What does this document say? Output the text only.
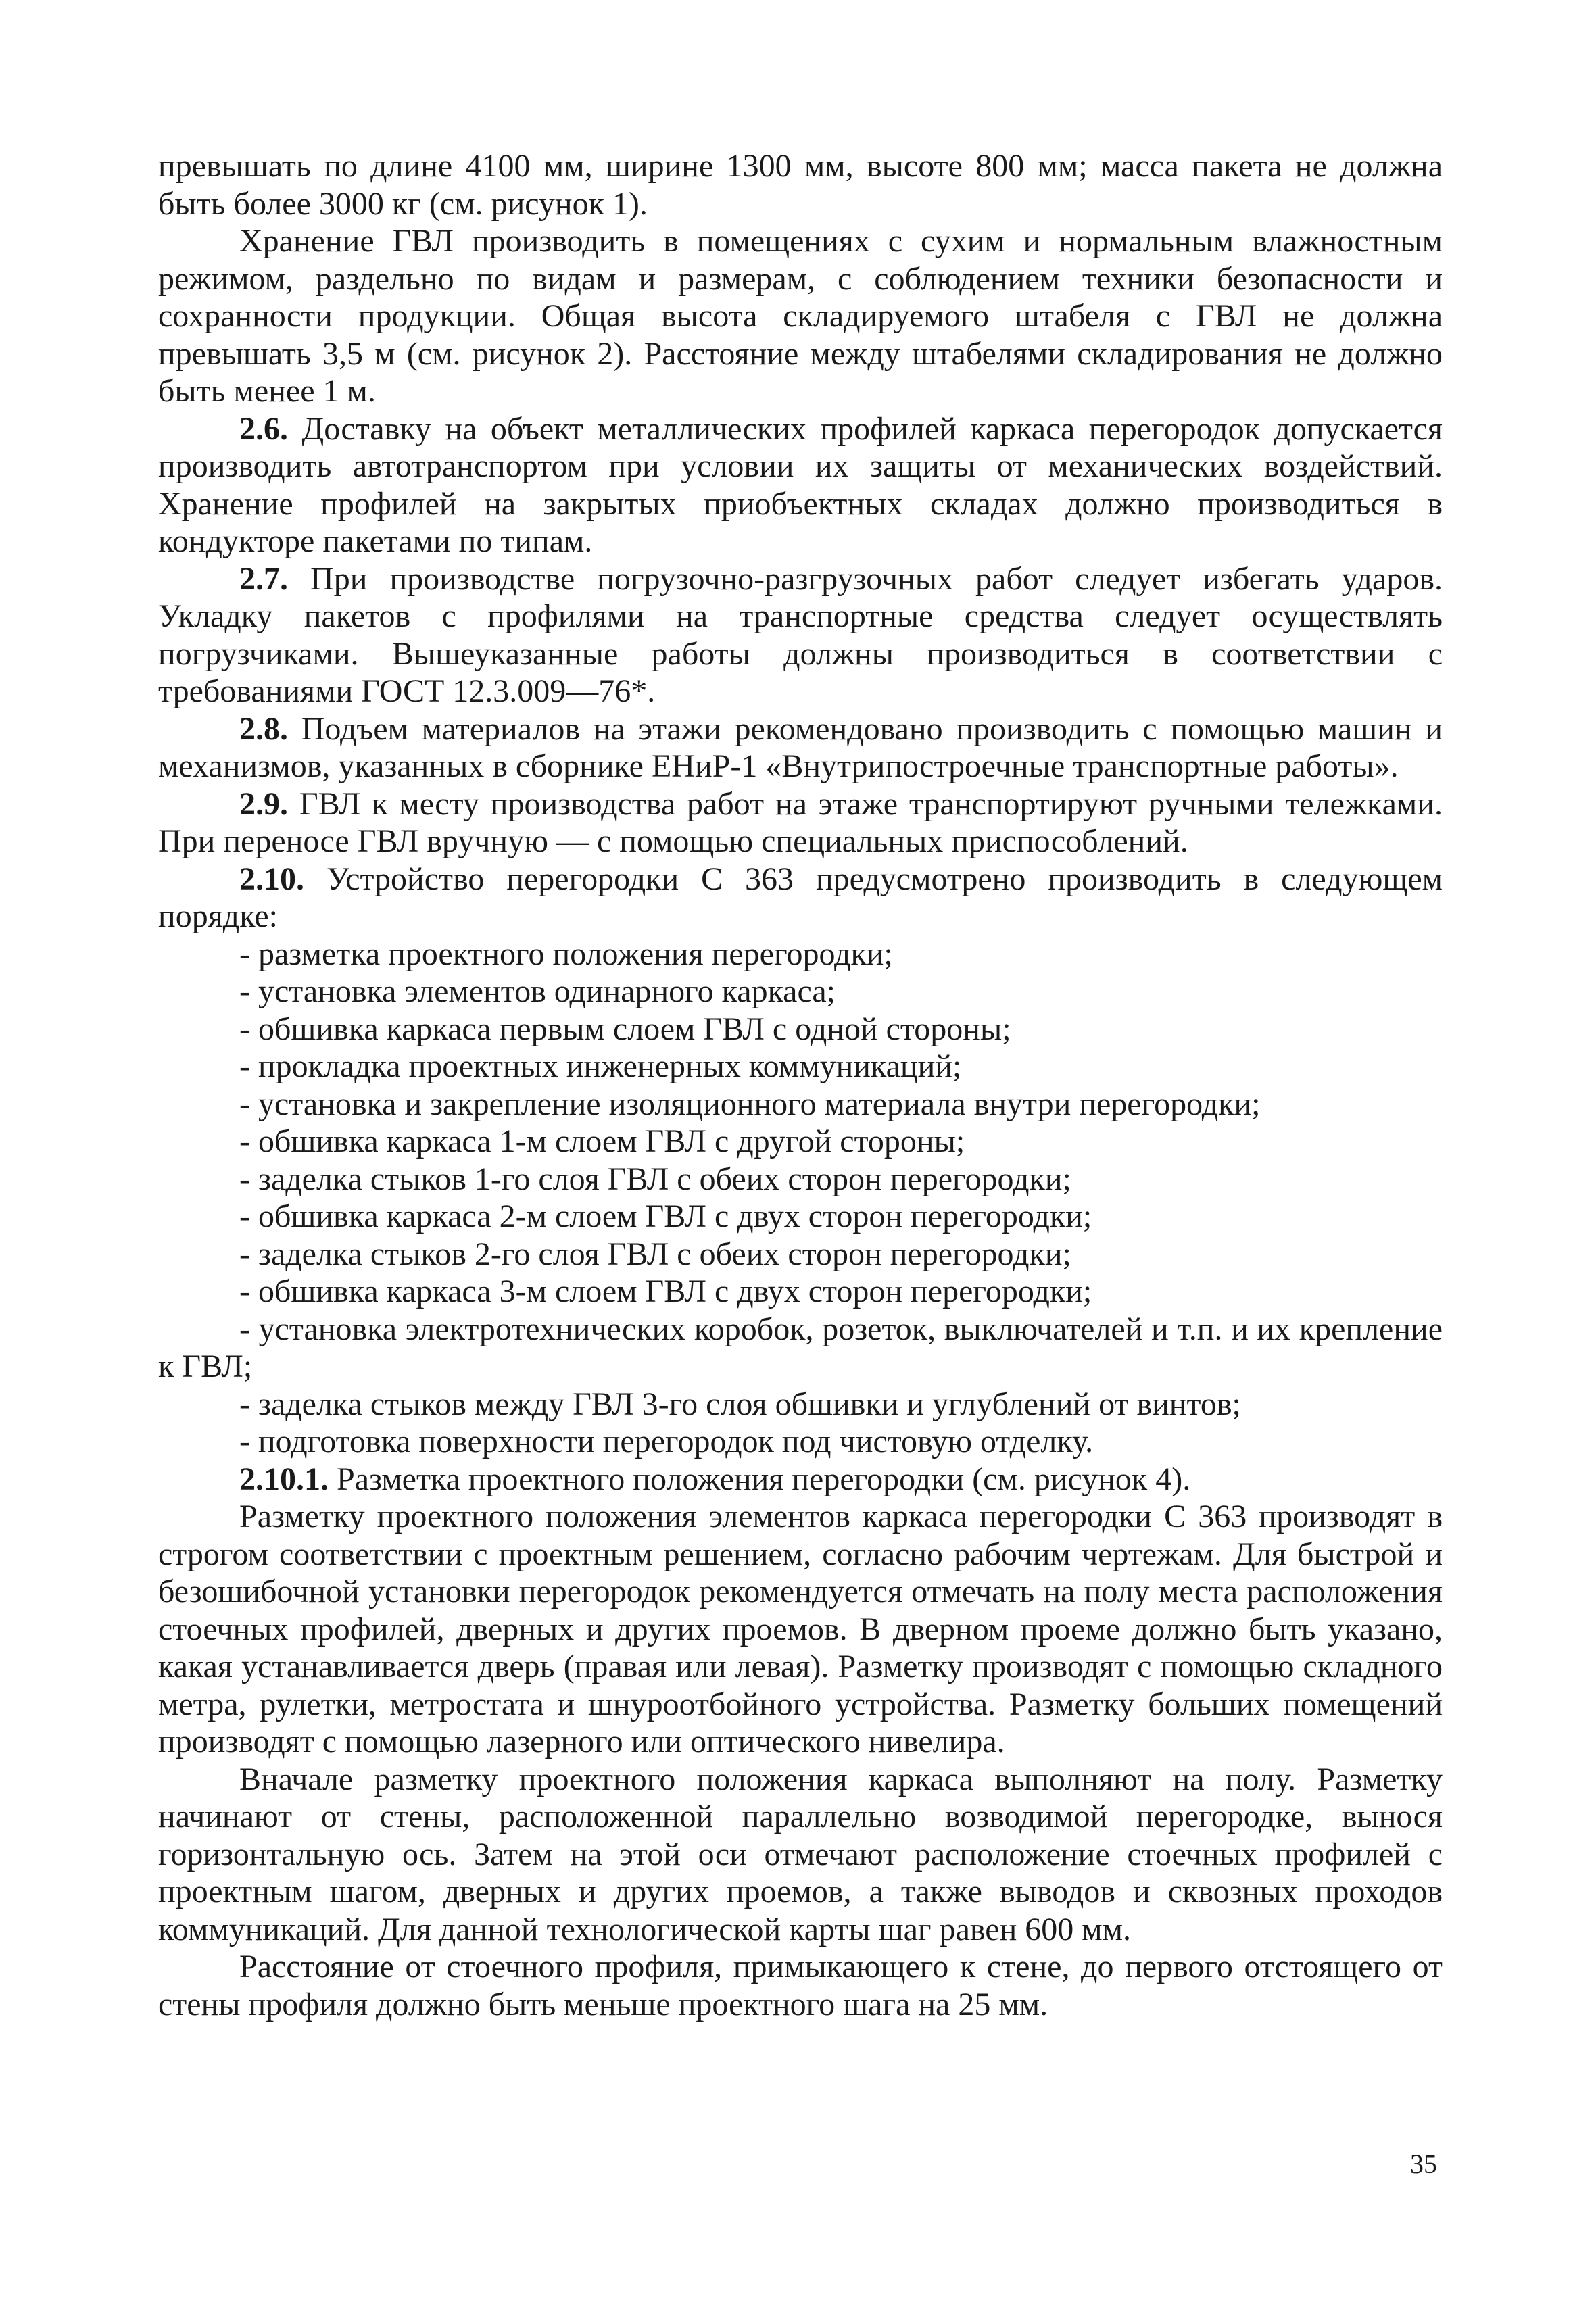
превышать по длине 4100 мм, ширине 1300 мм, высоте 800 мм; масса пакета не должна быть более 3000 кг (см. рисунок 1).

Хранение ГВЛ производить в помещениях с сухим и нормальным влажностным режимом, раздельно по видам и размерам, с соблюдением техники безопасности и сохранности продукции. Общая высота складируемого штабеля с ГВЛ не должна превышать 3,5 м (см. рисунок 2). Расстояние между штабелями складирования не должно быть менее 1 м.

2.6. Доставку на объект металлических профилей каркаса перегородок допускается производить автотранспортом при условии их защиты от механических воздействий. Хранение профилей на закрытых приобъектных складах должно производиться в кондукторе пакетами по типам.

2.7. При производстве погрузочно-разгрузочных работ следует избегать ударов. Укладку пакетов с профилями на транспортные средства следует осуществлять погрузчиками. Вышеуказанные работы должны производиться в соответствии с требованиями ГОСТ 12.3.009—76*.

2.8. Подъем материалов на этажи рекомендовано производить с помощью машин и механизмов, указанных в сборнике ЕНиР-1 «Внутрипостроечные транспортные работы».

2.9. ГВЛ к месту производства работ на этаже транспортируют ручными тележками. При переносе ГВЛ вручную — с помощью специальных приспособлений.

2.10. Устройство перегородки С 363 предусмотрено производить в следующем порядке:

- разметка проектного положения перегородки;

- установка элементов одинарного каркаса;

- обшивка каркаса первым слоем ГВЛ с одной стороны;

- прокладка проектных инженерных коммуникаций;

- установка и закрепление изоляционного материала внутри перегородки;

- обшивка каркаса 1-м слоем ГВЛ с другой стороны;

- заделка стыков 1-го слоя ГВЛ с обеих сторон перегородки;

- обшивка каркаса 2-м слоем ГВЛ с двух сторон перегородки;

- заделка стыков 2-го слоя ГВЛ с обеих сторон перегородки;

- обшивка каркаса 3-м слоем ГВЛ с двух сторон перегородки;

- установка электротехнических коробок, розеток, выключателей и т.п. и их крепление к ГВЛ;

- заделка стыков между ГВЛ 3-го слоя обшивки и углублений от винтов;

- подготовка поверхности перегородок под чистовую отделку.

2.10.1. Разметка проектного положения перегородки (см. рисунок 4).

Разметку проектного положения элементов каркаса перегородки С 363 производят в строгом соответствии с проектным решением, согласно рабочим чертежам. Для быстрой и безошибочной установки перегородок рекомендуется отмечать на полу места расположения стоечных профилей, дверных и других проемов. В дверном проеме должно быть указано, какая устанавливается дверь (правая или левая). Разметку производят с помощью складного метра, рулетки, метростата и шнуроотбойного устройства. Разметку больших помещений производят с помощью лазерного или оптического нивелира.

Вначале разметку проектного положения каркаса выполняют на полу. Разметку начинают от стены, расположенной параллельно возводимой перегородке, вынося горизонтальную ось. Затем на этой оси отмечают расположение стоечных профилей с проектным шагом, дверных и других проемов, а также выводов и сквозных проходов коммуникаций. Для данной технологической карты шаг равен 600 мм.

Расстояние от стоечного профиля, примыкающего к стене, до первого отстоящего от стены профиля должно быть меньше проектного шага на 25 мм.

35
